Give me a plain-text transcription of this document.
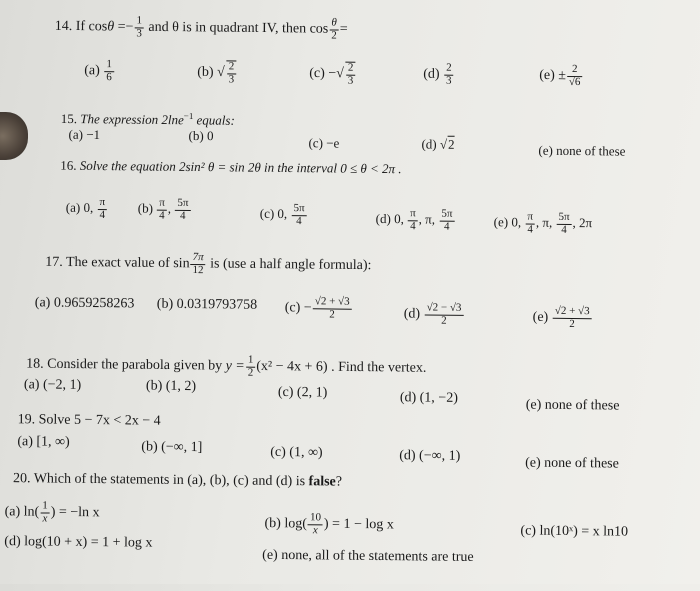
14. If $\cos\theta =- \frac{1}{3}$ and θ is in quadrant IV, then $\cos \frac{\theta}{2}$ =
$(a) \frac{1}{6}$	(b) √ $\frac{2}{3}$	(c) −√ $\frac{2}{3}$	$(d) \frac{2}{3}$	$(e) \pm \frac{2}{√6}$
15. The expression 2lne$^{-1}$ equals:
(a) −1	(b) 0	(c) −e	(d) √2	(e) none of these
16. Solve the equation 2sin² θ = sin 2θ in the interval 0 ≤ θ < 2π .
(a) 0, $\frac{\pi}{4} (b) \frac{\pi}{4}$ , $\frac{5\pi}{4}$	(c) 0, $\frac{5\pi}{4}$	(d) 0, $\frac{\pi}{4}$ , π, $\frac{5\pi}{4}$	(e) 0, $\frac{\pi}{4}$ , π, $\frac{5\pi}{4}$ , 2π
17. The exact value of $\sin \frac{7\pi}{12}$ is (use a half angle formula):
(a) 0.9659258263 (b) 0.0319793758 $(c) - \frac{√2 + √3}{2}$	$(d) \frac{√2 - √3}{2}$	$(e) \frac{√2 + √3}{2}$
18. Consider the parabola given by $y = \frac{1}{2} (x^2 - 4x + 6)$ . Find the vertex.
(a) (−2, 1)	(b) (1, 2)	(c) (2, 1)	(d) (1, −2)	(e) none of these
19. Solve 5 − 7x < 2x − 4
(a) [1, ∞)	(b) (−∞, 1]	(c) (1, ∞)	(d) (−∞, 1)	(e) none of these
20. Which of the statements in (a), (b), (c) and (d) is false?
(a) $\ln( \frac{1}{x}$ ) = −ln x
(b) $\log( \frac{10}{x}$ ) = 1 − log x	(c) ln(10ˣ) = x ln10
(d) log(10 + x) = 1 + log x
(e) none, all of the statements are true
